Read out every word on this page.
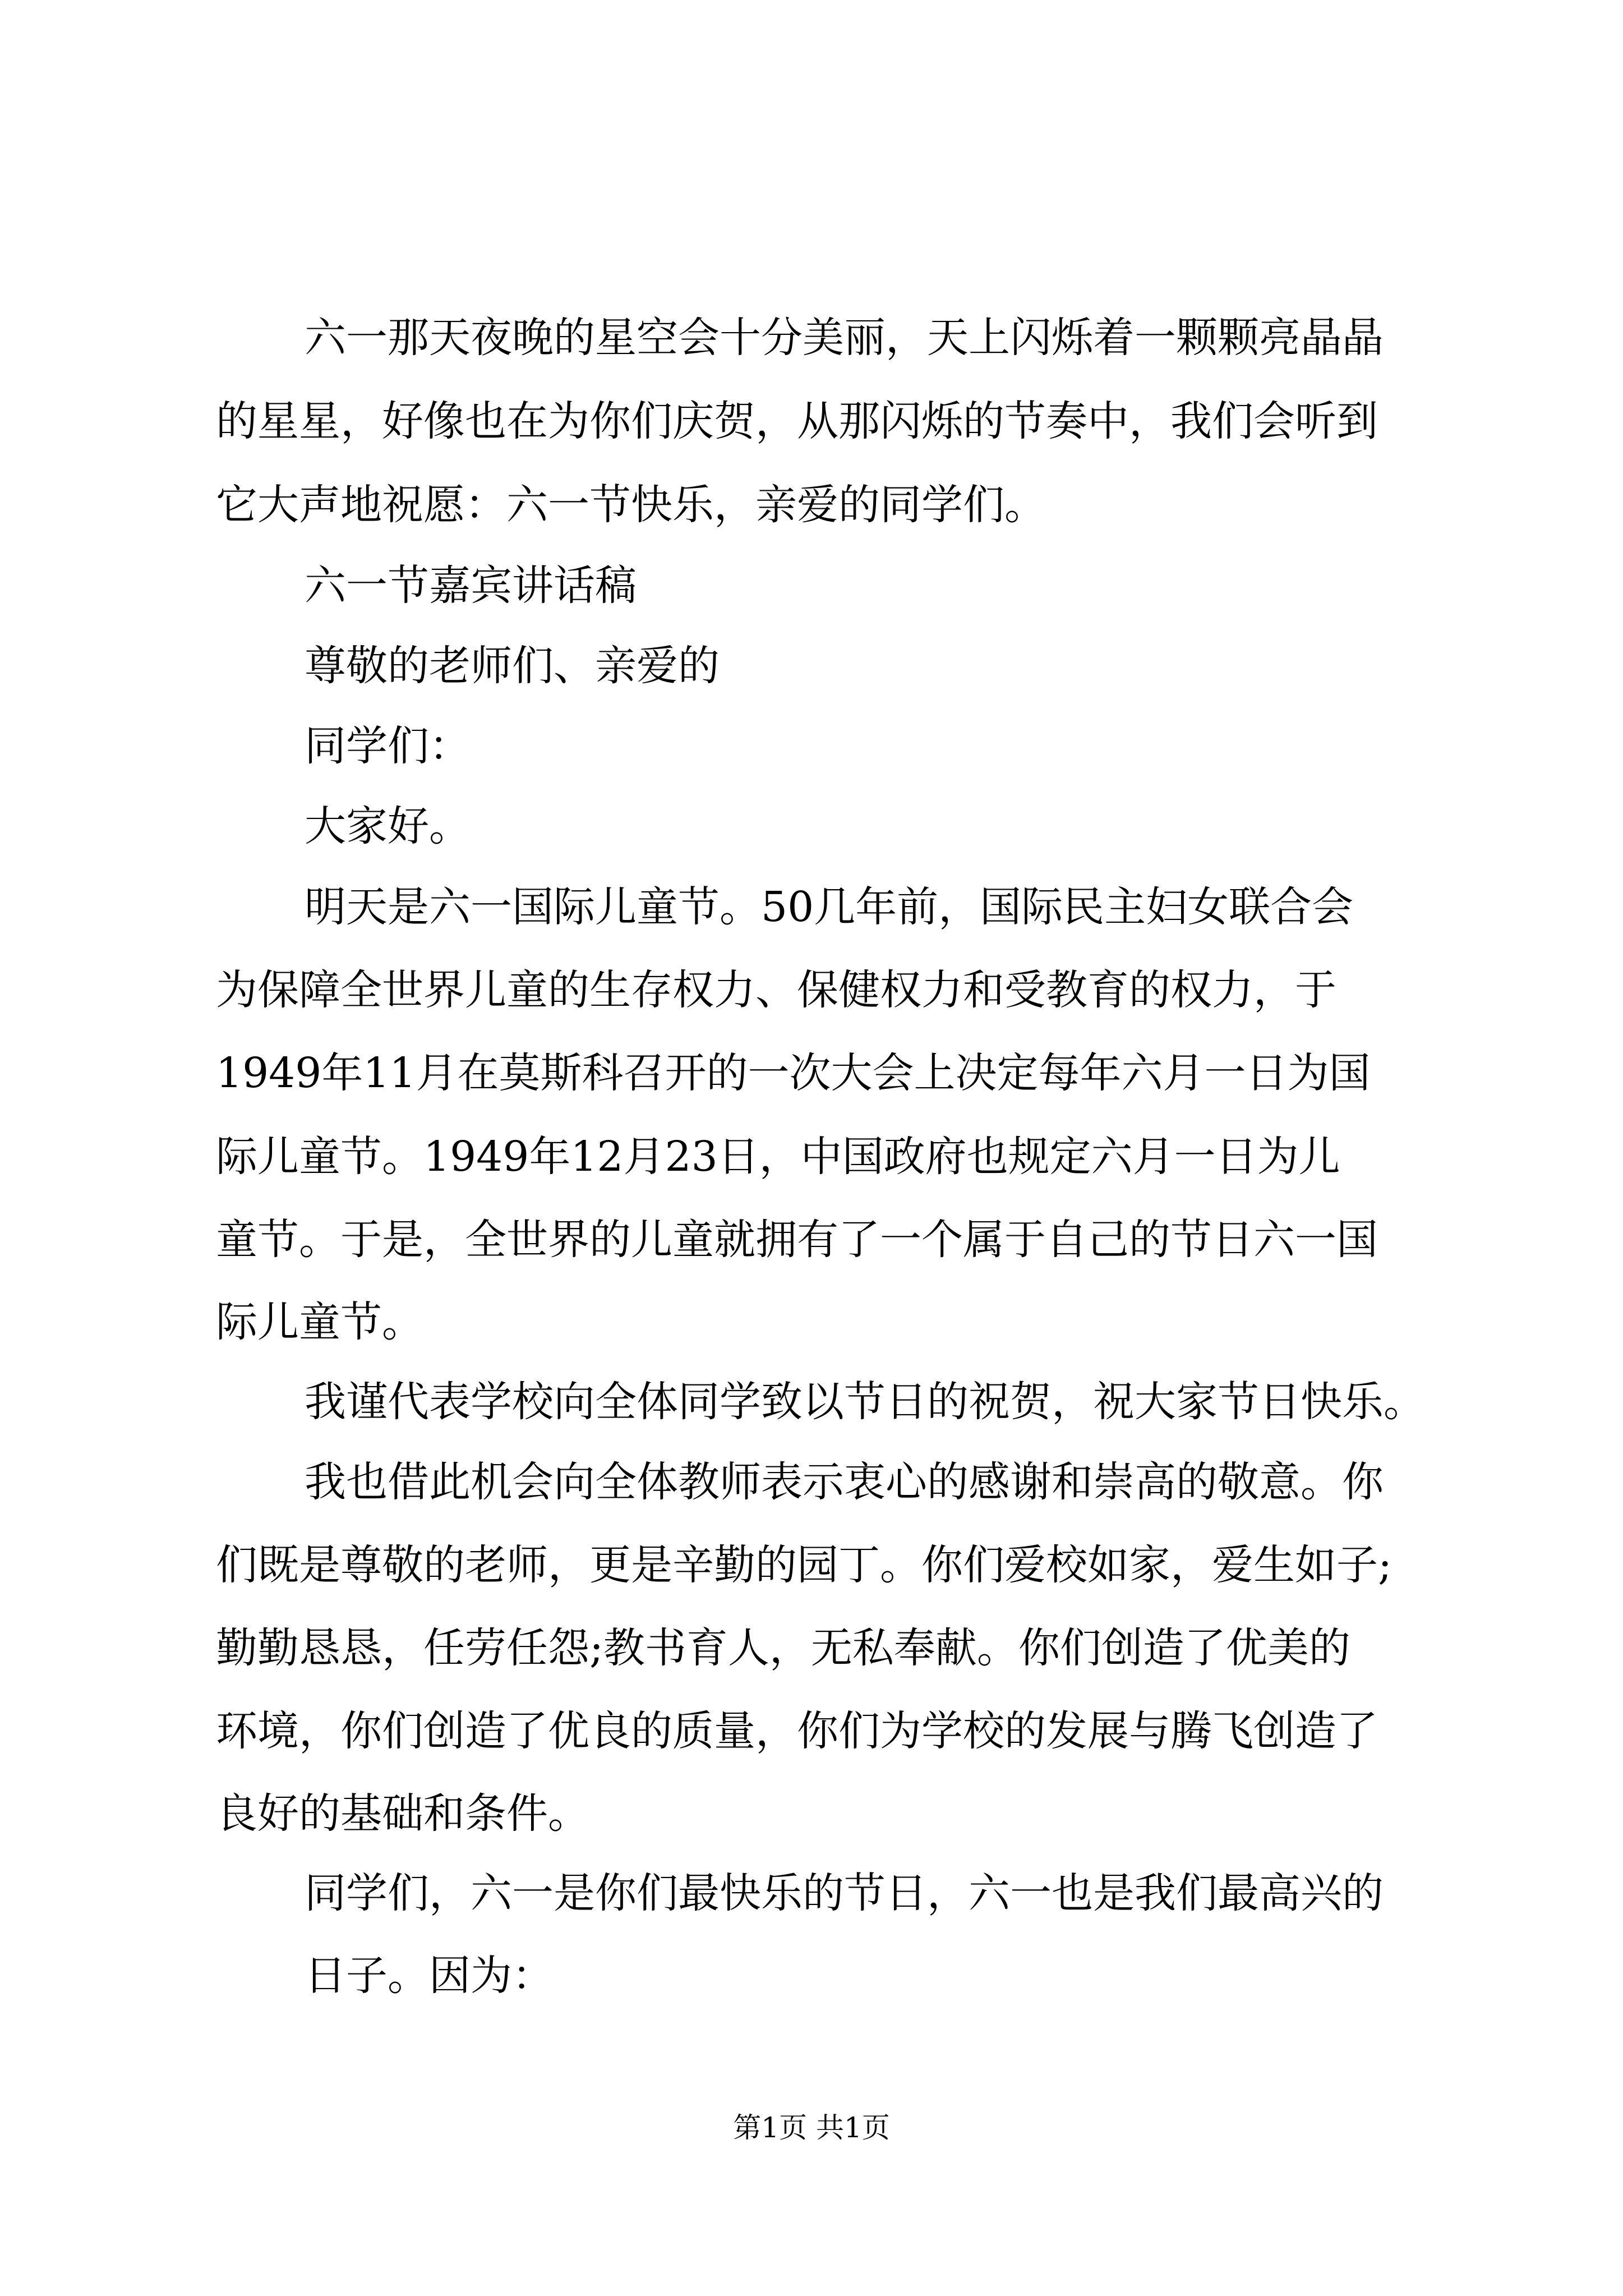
六一那天夜晚的星空会十分美丽，天上闪烁着一颗颗亮晶晶

的星星，好像也在为你们庆贺，从那闪烁的节奏中，我们会听到

它大声地祝愿：六一节快乐，亲爱的同学们。

六一节嘉宾讲话稿

尊敬的老师们、亲爱的

同学们：

大家好。

明天是六一国际儿童节。50几年前，国际民主妇女联合会

为保障全世界儿童的生存权力、保健权力和受教育的权力，于

1949年11月在莫斯科召开的一次大会上决定每年六月一日为国

际儿童节。1949年12月23日，中国政府也规定六月一日为儿

童节。于是，全世界的儿童就拥有了一个属于自己的节日六一国

际儿童节。

我谨代表学校向全体同学致以节日的祝贺，祝大家节日快乐。

我也借此机会向全体教师表示衷心的感谢和崇高的敬意。你

们既是尊敬的老师，更是辛勤的园丁。你们爱校如家，爱生如子;

勤勤恳恳，任劳任怨;教书育人，无私奉献。你们创造了优美的

环境，你们创造了优良的质量，你们为学校的发展与腾飞创造了

良好的基础和条件。

同学们，六一是你们最快乐的节日，六一也是我们最高兴的

日子。因为：

第1页 共1页
